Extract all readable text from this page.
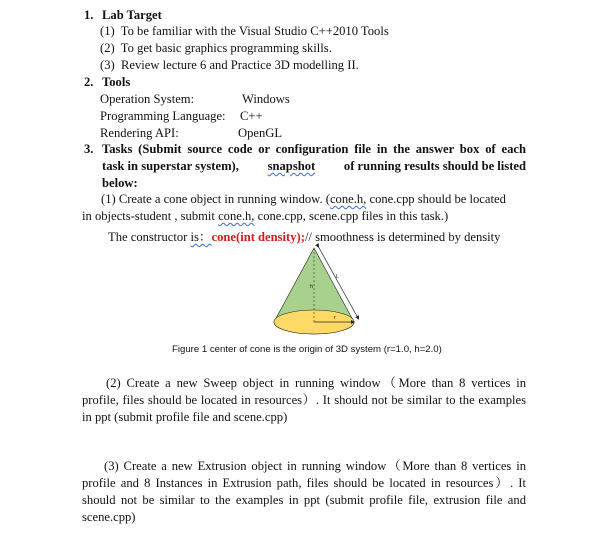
1. Lab Target
(1) To be familiar with the Visual Studio C++2010 Tools
(2) To get basic graphics programming skills.
(3) Review lecture 6 and Practice 3D modelling II.
2. Tools
Operation System:	Windows
Programming Language: C++
Rendering API:	OpenGL
3. Tasks (Submit source code or configuration file in the answer box of each
task in superstar system), snapshot of running results should be listed
below:
(1) Create a cone object in running window. (cone.h, cone.cpp should be located
in objects-student , submit cone.h, cone.cpp, scene.cpp files in this task.)
The constructor is：cone(int density);// smoothness is determined by density
h
L
r
Figure 1 center of cone is the origin of 3D system (r=1.0, h=2.0)
(2) Create a new Sweep object in running window（More than 8 vertices in
profile, files should be located in resources）. It should not be similar to the examples
in ppt (submit profile file and scene.cpp)
(3) Create a new Extrusion object in running window（More than 8 vertices in
profile and 8 Instances in Extrusion path, files should be located in resources）. It
should not be similar to the examples in ppt (submit profile file, extrusion file and
scene.cpp)
